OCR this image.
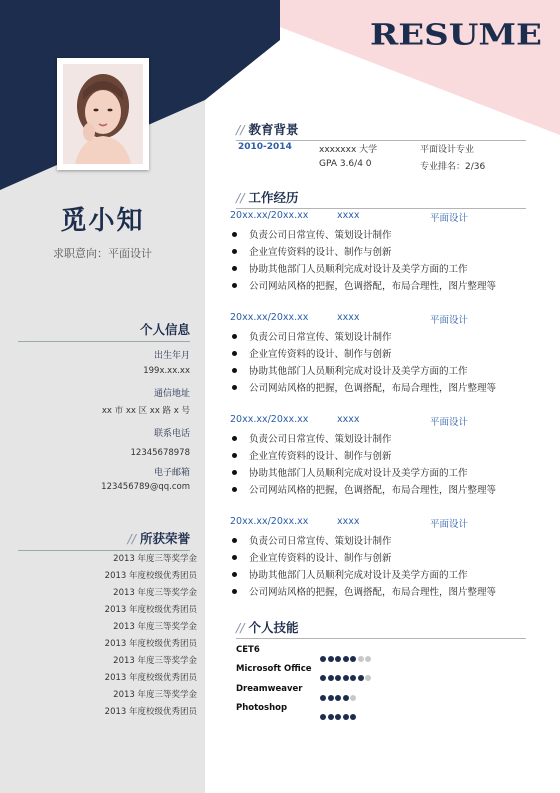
RESUME
觅小知
求职意向：平面设计
个人信息
出生年月
199x.xx.xx
通信地址
xx 市 xx 区 xx 路 x 号
联系电话
12345678978
电子邮箱
123456789@qq.com
// 所获荣誉
2013 年度三等奖学金
2013 年度校级优秀团员
2013 年度三等奖学金
2013 年度校级优秀团员
2013 年度三等奖学金
2013 年度校级优秀团员
2013 年度三等奖学金
2013 年度校级优秀团员
2013 年度三等奖学金
2013 年度校级优秀团员
// 教育背景
2010-2014	xxxxxxx 大学	平面设计专业
GPA 3.6/4 0	专业排名：2/36
// 工作经历
20xx.xx/20xx.xx	xxxx	平面设计
负责公司日常宣传、策划设计制作
企业宣传资料的设计、制作与创新
协助其他部门人员顺利完成对设计及美学方面的工作
公司网站风格的把握，色调搭配，布局合理性，图片整理等
20xx.xx/20xx.xx	xxxx	平面设计
负责公司日常宣传、策划设计制作
企业宣传资料的设计、制作与创新
协助其他部门人员顺利完成对设计及美学方面的工作
公司网站风格的把握，色调搭配，布局合理性，图片整理等
20xx.xx/20xx.xx	xxxx	平面设计
负责公司日常宣传、策划设计制作
企业宣传资料的设计、制作与创新
协助其他部门人员顺利完成对设计及美学方面的工作
公司网站风格的把握，色调搭配，布局合理性，图片整理等
20xx.xx/20xx.xx	xxxx	平面设计
负责公司日常宣传、策划设计制作
企业宣传资料的设计、制作与创新
协助其他部门人员顺利完成对设计及美学方面的工作
公司网站风格的把握，色调搭配，布局合理性，图片整理等
// 个人技能
CET6
Microsoft Office
Dreamweaver
Photoshop
